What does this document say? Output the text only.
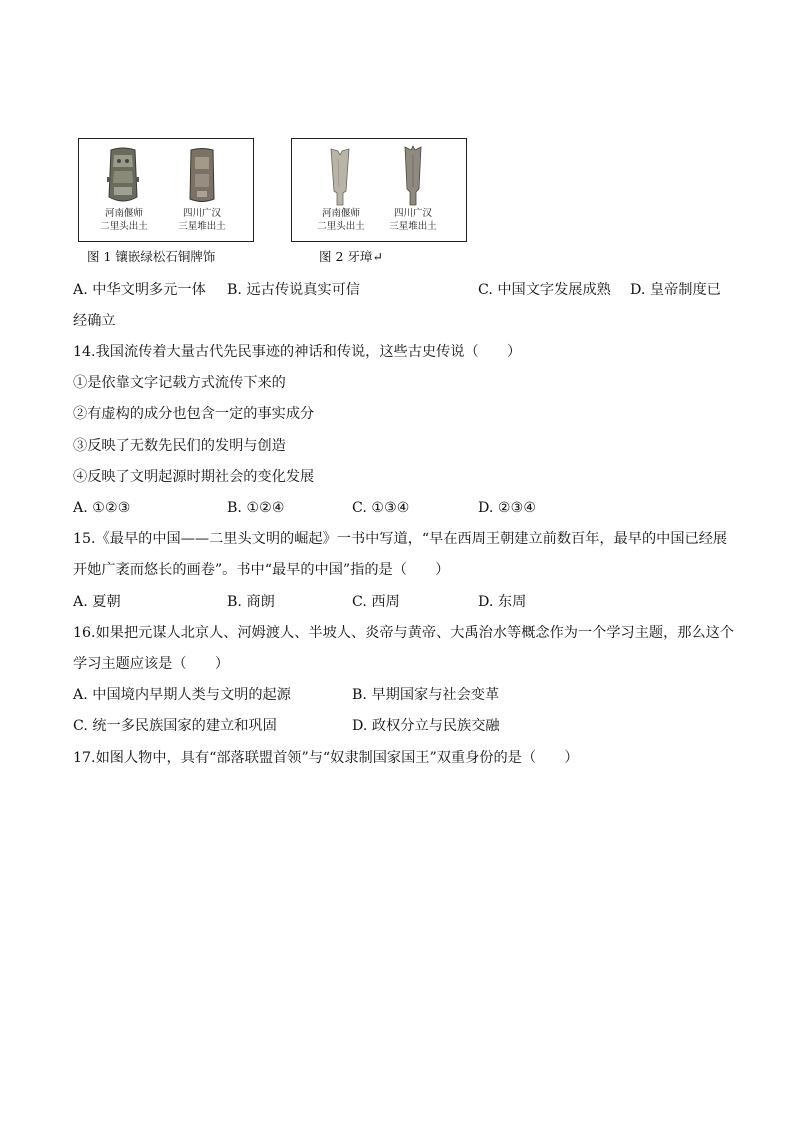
河南偃师
二里头出土
四川广汉
三星堆出土
图 1 镶嵌绿松石铜牌饰
河南偃师
二里头出土
四川广汉
三星堆出土
图 2 牙璋↵
A. 中华文明多元一体 B. 远古传说真实可信	C. 中国文字发展成熟 D. 皇帝制度已
经确立
14.我国流传着大量古代先民事迹的神话和传说，这些古史传说（　　）
①是依靠文字记载方式流传下来的
②有虚构的成分也包含一定的事实成分
③反映了无数先民们的发明与创造
④反映了文明起源时期社会的变化发展
A. ①②③	B. ①②④	C. ①③④	D. ②③④
15.《最早的中国——二里头文明的崛起》一书中写道，“早在西周王朝建立前数百年，最早的中国已经展
开她广袤而悠长的画卷”。书中“最早的中国”指的是（　　）
A. 夏朝	B. 商朗	C. 西周	D. 东周
16.如果把元谋人北京人、河姆渡人、半坡人、炎帝与黄帝、大禹治水等概念作为一个学习主题，那么这个
学习主题应该是（　　）
A. 中国境内早期人类与文明的起源	B. 早期国家与社会变革
C. 统一多民族国家的建立和巩固	D. 政权分立与民族交融
17.如图人物中，具有“部落联盟首领”与“奴隶制国家国王”双重身份的是（　　）
